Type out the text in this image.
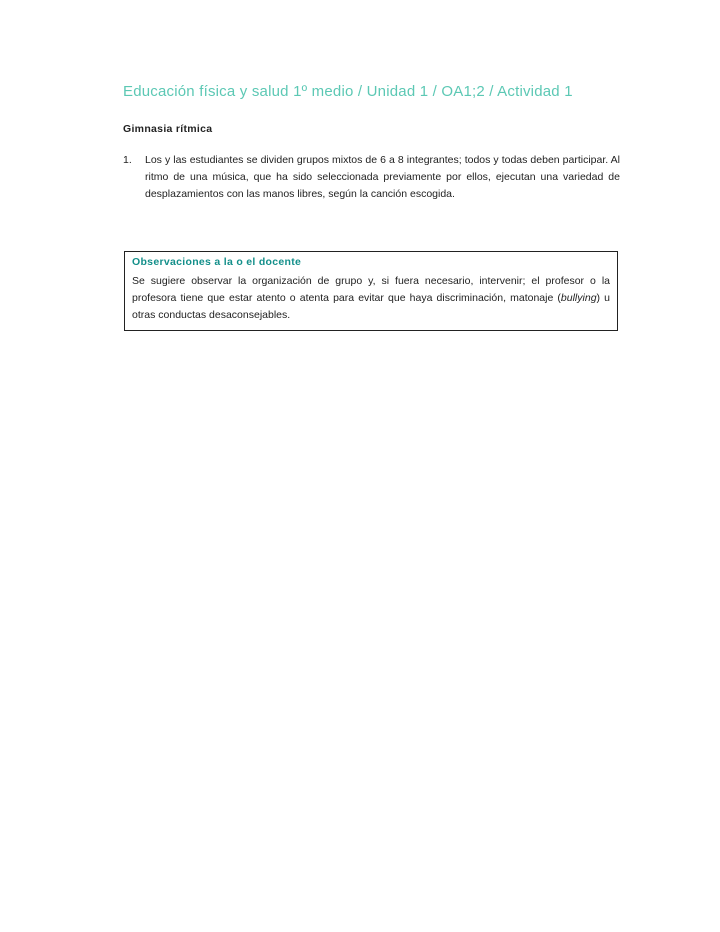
Educación física y salud 1º medio / Unidad 1 / OA1;2 / Actividad 1
Gimnasia rítmica
1.	Los y las estudiantes se dividen grupos mixtos de 6 a 8 integrantes; todos y todas deben participar. Al ritmo de una música, que ha sido seleccionada previamente por ellos, ejecutan una variedad de desplazamientos con las manos libres, según la canción escogida.
Observaciones a la o el docente
Se sugiere observar la organización de grupo y, si fuera necesario, intervenir; el profesor o la profesora tiene que estar atento o atenta para evitar que haya discriminación, matonaje (bullying) u otras conductas desaconsejables.
